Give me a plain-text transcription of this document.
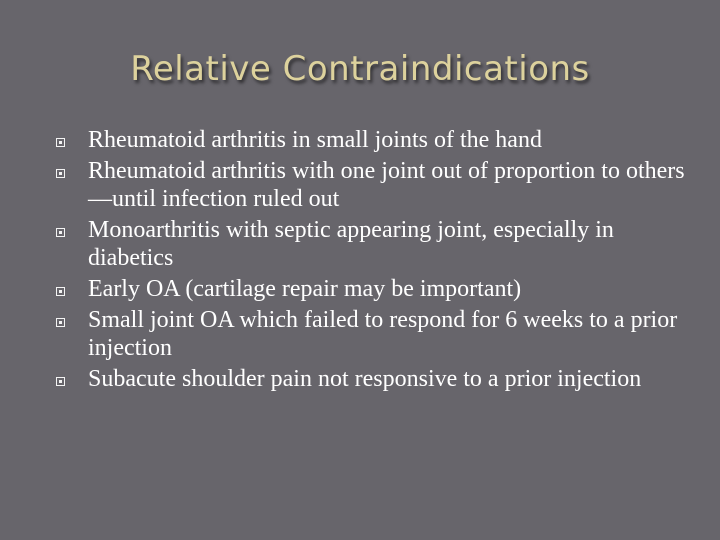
Relative Contraindications
Rheumatoid arthritis in small joints of the hand
Rheumatoid arthritis with one joint out of proportion to others—until infection ruled out
Monoarthritis with septic appearing joint, especially in diabetics
Early OA (cartilage repair may be important)
Small joint OA which failed to respond for 6 weeks to a prior injection
Subacute shoulder pain not responsive to a prior injection
